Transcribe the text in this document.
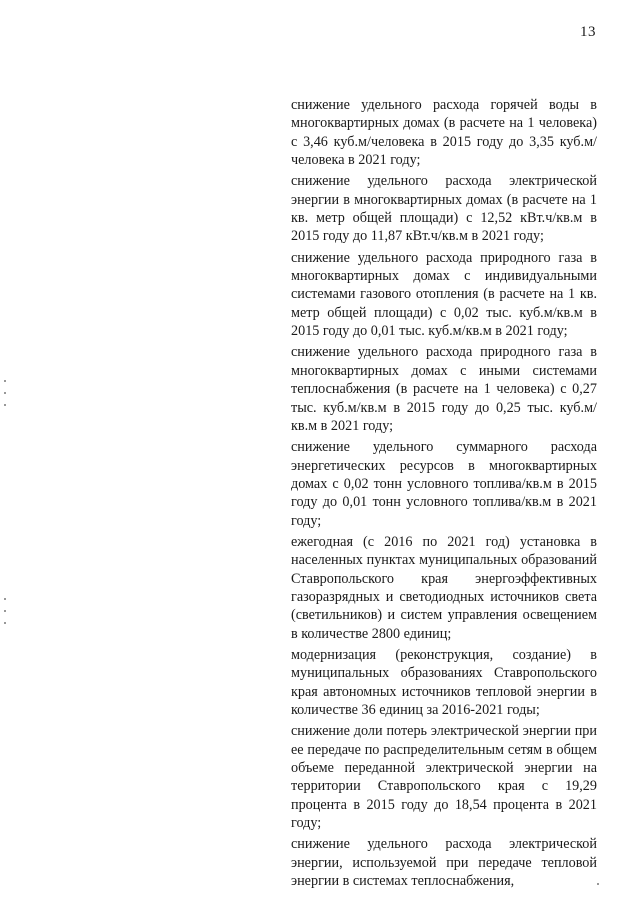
13

снижение удельного расхода горячей воды в многоквартирных домах (в расчете на 1 человека) с 3,46 куб.м/человека в 2015 году до 3,35 куб.м/человека в 2021 году;

снижение удельного расхода электрической энергии в многоквартирных домах (в расчете на 1 кв. метр общей площади) с 12,52 кВт.ч/кв.м в 2015 году до 11,87 кВт.ч/кв.м в 2021 году;

снижение удельного расхода природного газа в многоквартирных домах с индивидуальными системами газового отопления (в расчете на 1 кв. метр общей площади) с 0,02 тыс. куб.м/кв.м в 2015 году до 0,01 тыс. куб.м/кв.м в 2021 году;

снижение удельного расхода природного газа в многоквартирных домах с иными системами теплоснабжения (в расчете на 1 человека) с 0,27 тыс. куб.м/кв.м в 2015 году до 0,25 тыс. куб.м/кв.м в 2021 году;

снижение удельного суммарного расхода энергетических ресурсов в многоквартирных домах с 0,02 тонн условного топлива/кв.м в 2015 году до 0,01 тонн условного топлива/кв.м в 2021 году;

ежегодная (с 2016 по 2021 год) установка в населенных пунктах муниципальных образований Ставропольского края энергоэффективных газоразрядных и светодиодных источников света (светильников) и систем управления освещением в количестве 2800 единиц;

модернизация (реконструкция, создание) в муниципальных образованиях Ставропольского края автономных источников тепловой энергии в количестве 36 единиц за 2016-2021 годы;

снижение доли потерь электрической энергии при ее передаче по распределительным сетям в общем объеме переданной электрической энергии на территории Ставропольского края с 19,29 процента в 2015 году до 18,54 процента в 2021 году;

снижение удельного расхода электрической энергии, используемой при передаче тепловой энергии в системах теплоснабжения,
